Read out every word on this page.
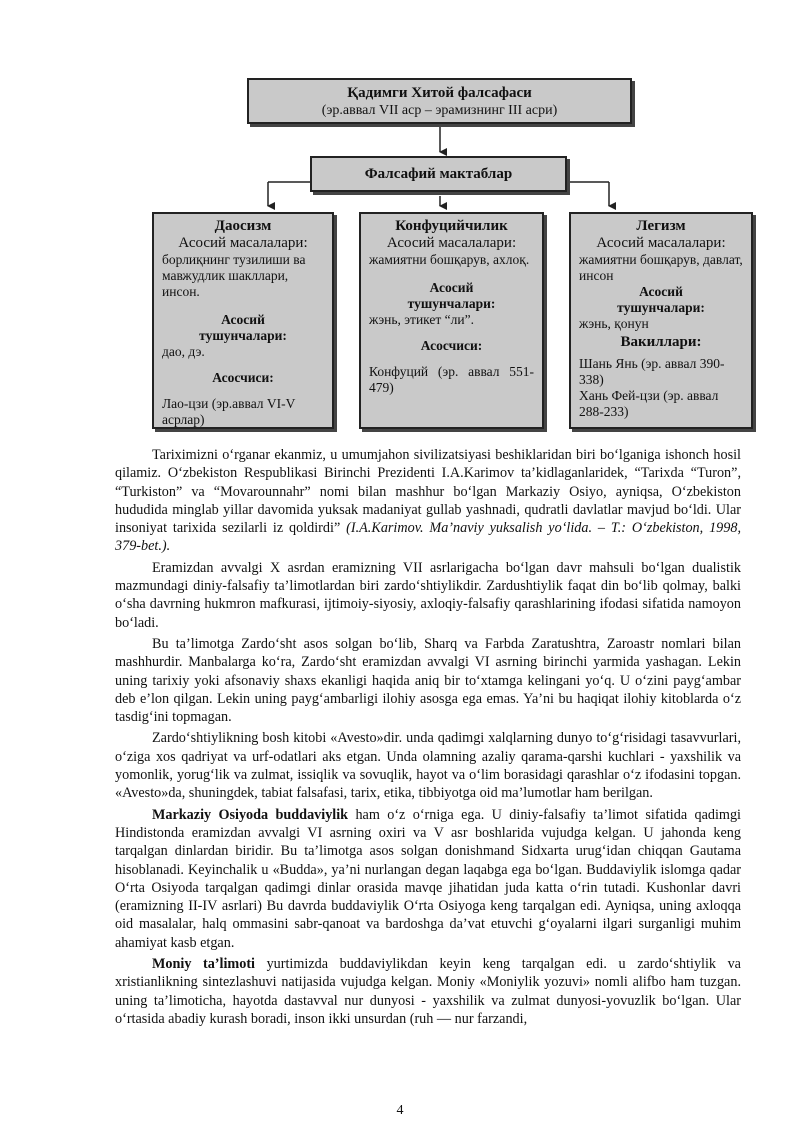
Қадимги Хитой фалсафаси

(эр.аввал VII аср – эрамизнинг III асри)

Фалсафий мактаблар

Даосизм

Асосий масалалари:

борлиқнинг тузилиши ва мавжудлик шакллари, инсон.

Асосий тушунчалари:

дао, дэ.

Асосчиси:

Лао-цзи (эр.аввал VI-V асрлар)

Конфуцийчилик

Асосий масалалари:

жамиятни бошқарув, ахлоқ.

Асосий тушунчалари:

жэнь, этикет “ли”.

Асосчиси:

Конфуций (эр. аввал 551-479)

Легизм

Асосий масалалари:

жамиятни бошқарув, давлат, инсон

Асосий тушунчалари:

жэнь, қонун

Вакиллари:

Шань Янь (эр. аввал 390-338)

Хань Фей-цзи (эр. аввал 288-233)

Tariximizni oʻrganar ekanmiz, u umumjahon sivilizatsiyasi beshiklaridan biri boʻlganiga ishonch hosil qilamiz. Oʻzbekiston Respublikasi Birinchi Prezidenti I.A.Karimov ta’kidlaganlaridek, “Tarixda “Turon”, “Turkiston” va “Movarounnahr” nomi bilan mashhur boʻlgan Markaziy Osiyo, ayniqsa, Oʻzbekiston hududida minglab yillar davomida yuksak madaniyat gullab yashnadi, qudratli davlatlar mavjud boʻldi. Ular insoniyat tarixida sezilarli iz qoldirdi” (I.A.Karimov. Ma’naviy yuksalish yoʻlida. – T.: Oʻzbekiston, 1998, 379-bet.).

Eramizdan avvalgi X asrdan eramizning VII asrlarigacha boʻlgan davr mahsuli boʻlgan dualistik mazmundagi diniy-falsafiy ta’limotlardan biri zardoʻshtiylikdir. Zardushtiylik faqat din boʻlib qolmay, balki oʻsha davrning hukmron mafkurasi, ijtimoiy-siyosiy, axloqiy-falsafiy qarashlarining ifodasi sifatida namoyon boʻladi.

Bu ta’limotga Zardoʻsht asos solgan boʻlib, Sharq va Farbda Zaratushtra, Zaroastr nomlari bilan mashhurdir. Manbalarga koʻra, Zardoʻsht eramizdan avvalgi VI asrning birinchi yarmida yashagan. Lekin uning tarixiy yoki afsonaviy shaxs ekanligi haqida aniq bir toʻxtamga kelingani yoʻq. U oʻzini paygʻambar deb e’lon qilgan. Lekin uning paygʻambarligi ilohiy asosga ega emas. Ya’ni bu haqiqat ilohiy kitoblarda oʻz tasdigʻini topmagan.

Zardoʻshtiylikning bosh kitobi «Avesto»dir. unda qadimgi xalqlarning dunyo toʻgʻrisidagi tasavvurlari, oʻziga xos qadriyat va urf-odatlari aks etgan. Unda olamning azaliy qarama-qarshi kuchlari - yaxshilik va yomonlik, yorugʻlik va zulmat, issiqlik va sovuqlik, hayot va oʻlim borasidagi qarashlar oʻz ifodasini topgan. «Avesto»da, shuningdek, tabiat falsafasi, tarix, etika, tibbiyotga oid ma’lumotlar ham berilgan.

Markaziy Osiyoda buddaviylik ham oʻz oʻrniga ega. U diniy-falsafiy ta’limot sifatida qadimgi Hindistonda eramizdan avvalgi VI asrning oxiri va V asr boshlarida vujudga kelgan. U jahonda keng tarqalgan dinlardan biridir. Bu ta’limotga asos solgan donishmand Sidxarta urugʻidan chiqqan Gautama hisoblanadi. Keyinchalik u «Budda», ya’ni nurlangan degan laqabga ega boʻlgan. Buddaviylik islomga qadar Oʻrta Osiyoda tarqalgan qadimgi dinlar orasida mavqe jihatidan juda katta oʻrin tutadi. Kushonlar davri (eramizning II-IV asrlari) Bu davrda buddaviylik Oʻrta Osiyoga keng tarqalgan edi. Ayniqsa, uning axloqqa oid masalalar, halq ommasini sabr-qanoat va bardoshga da’vat etuvchi gʻoyalarni ilgari surganligi muhim ahamiyat kasb etgan.

Moniy ta’limoti yurtimizda buddaviylikdan keyin keng tarqalgan edi. u zardoʻshtiylik va xristianlikning sintezlashuvi natijasida vujudga kelgan. Moniy «Moniylik yozuvi» nomli alifbo ham tuzgan. uning ta’limoticha, hayotda dastavval nur dunyosi - yaxshilik va zulmat dunyosi-yovuzlik boʻlgan. Ular oʻrtasida abadiy kurash boradi, inson ikki unsurdan (ruh — nur farzandi,

4
